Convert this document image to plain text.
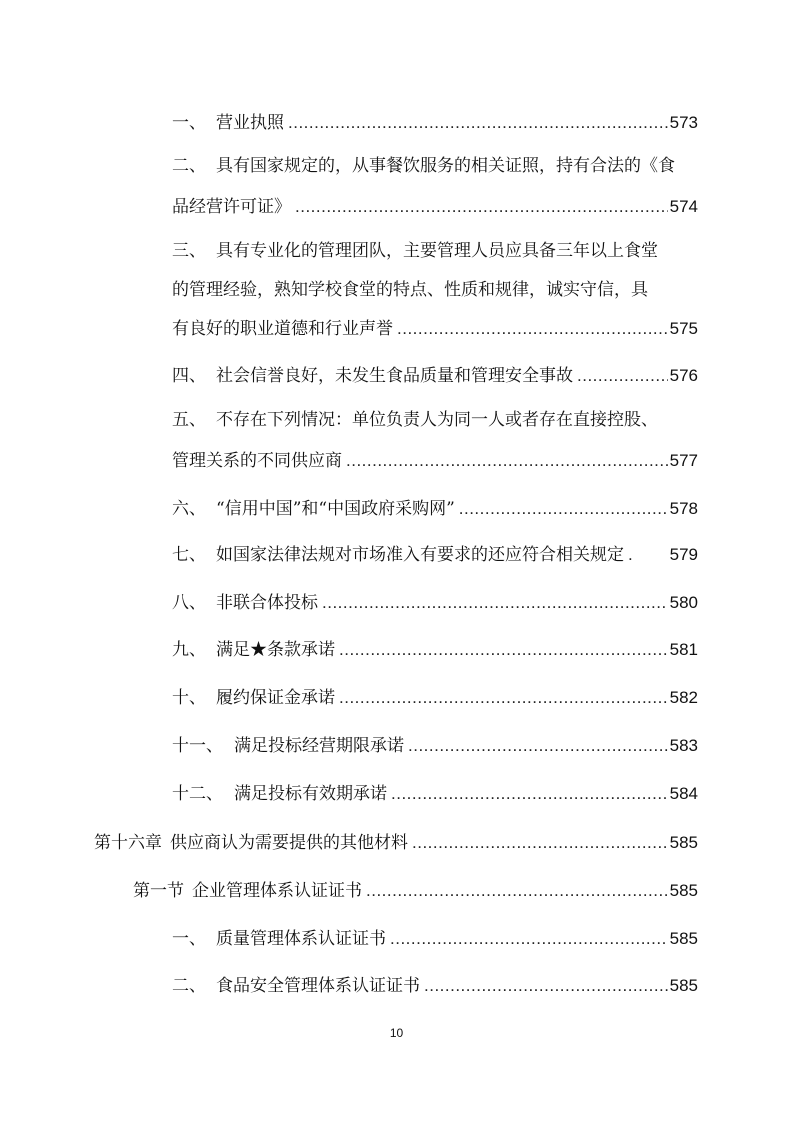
一、 营业执照 .....	573
二、 具有国家规定的，从事餐饮服务的相关证照，持有合法的《食
品经营许可证》 .....	574
三、 具有专业化的管理团队，主要管理人员应具备三年以上食堂
的管理经验，熟知学校食堂的特点、性质和规律，诚实守信，具
有良好的职业道德和行业声誉 .....	575
四、 社会信誉良好，未发生食品质量和管理安全事故 .....	576
五、 不存在下列情况：单位负责人为同一人或者存在直接控股、
管理关系的不同供应商 .....	577
六、 “信用中国”和“中国政府采购网” .....	578
七、 如国家法律法规对市场准入有要求的还应符合相关规定 .....	579
八、 非联合体投标 .....	580
九、 满足★条款承诺 .....	581
十、 履约保证金承诺 .....	582
十一、 满足投标经营期限承诺 .....	583
十二、 满足投标有效期承诺 .....	584
第十六章 供应商认为需要提供的其他材料 .....	585
第一节 企业管理体系认证证书 .....	585
一、 质量管理体系认证证书 .....	585
二、 食品安全管理体系认证证书 .....	585
10
